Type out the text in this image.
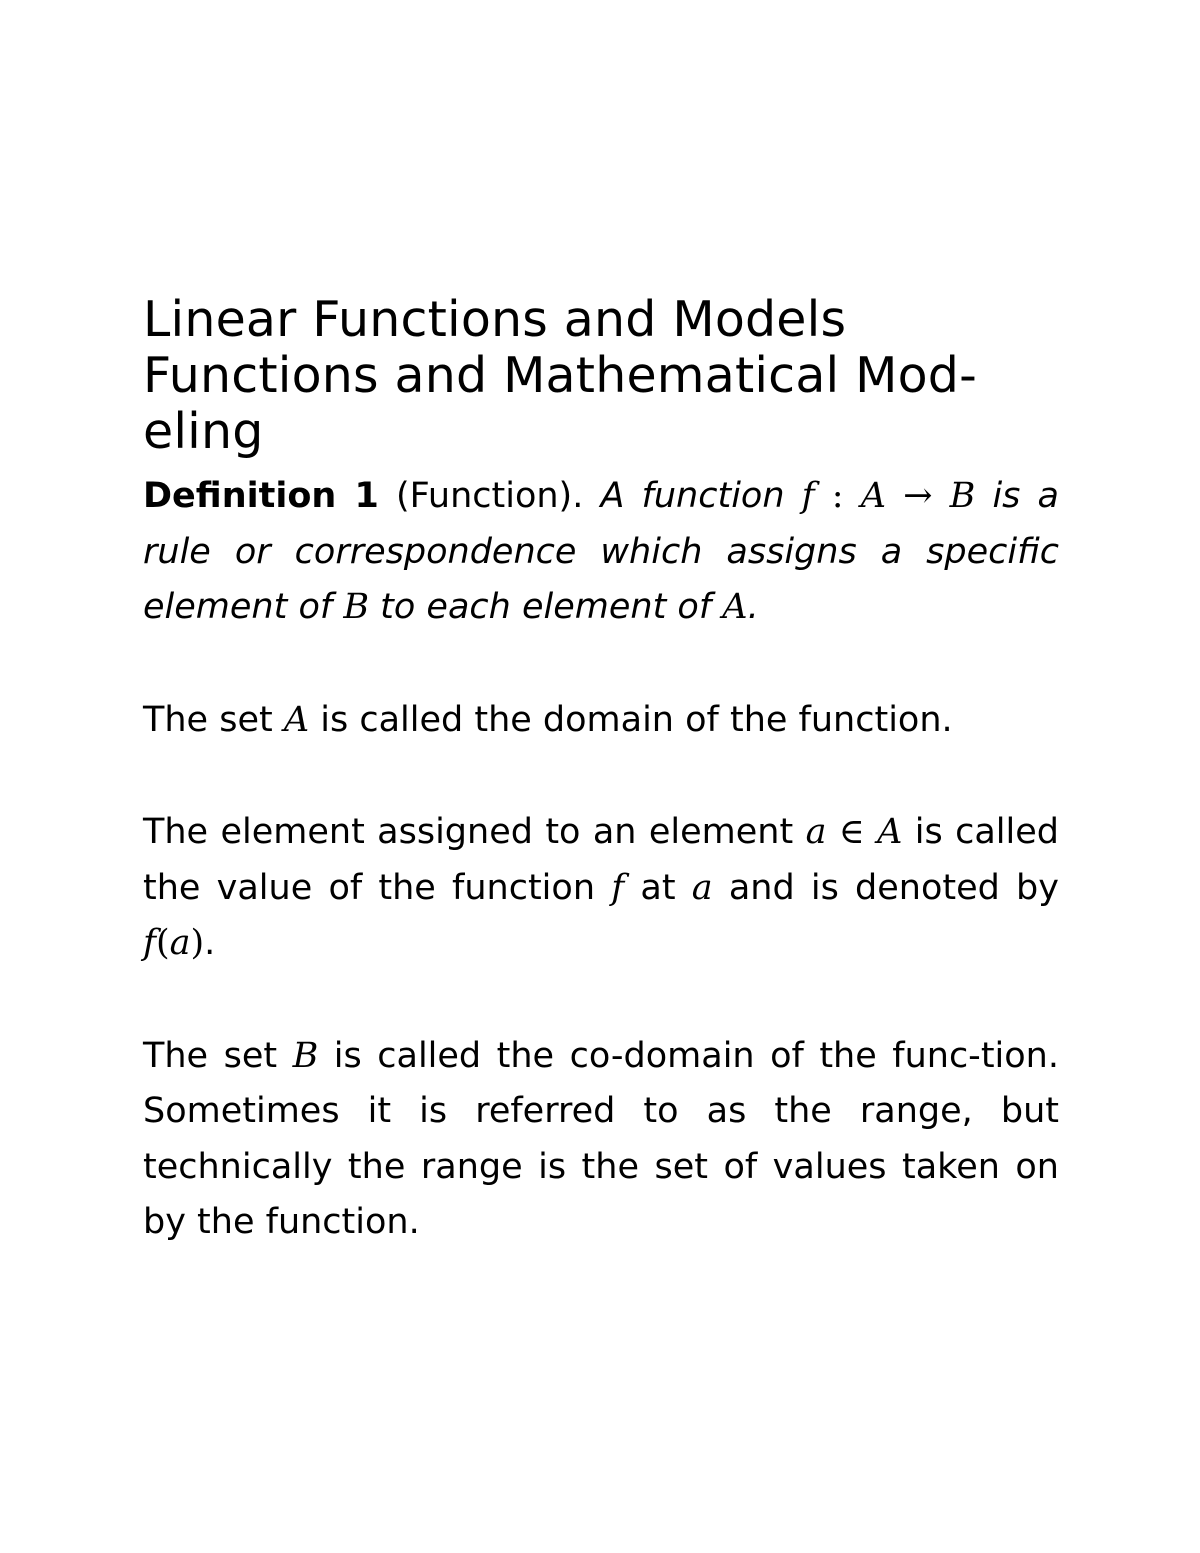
Linear Functions and Models
Functions and Mathematical Mod-
eling

Definition 1 (Function). A function f : A → B is a rule or correspondence which assigns a specific element of B to each element of A.

The set A is called the domain of the function.

The element assigned to an element a ∈ A is called the value of the function f at a and is denoted by f(a).

The set B is called the co-domain of the func-tion. Sometimes it is referred to as the range, but technically the range is the set of values taken on by the function.
